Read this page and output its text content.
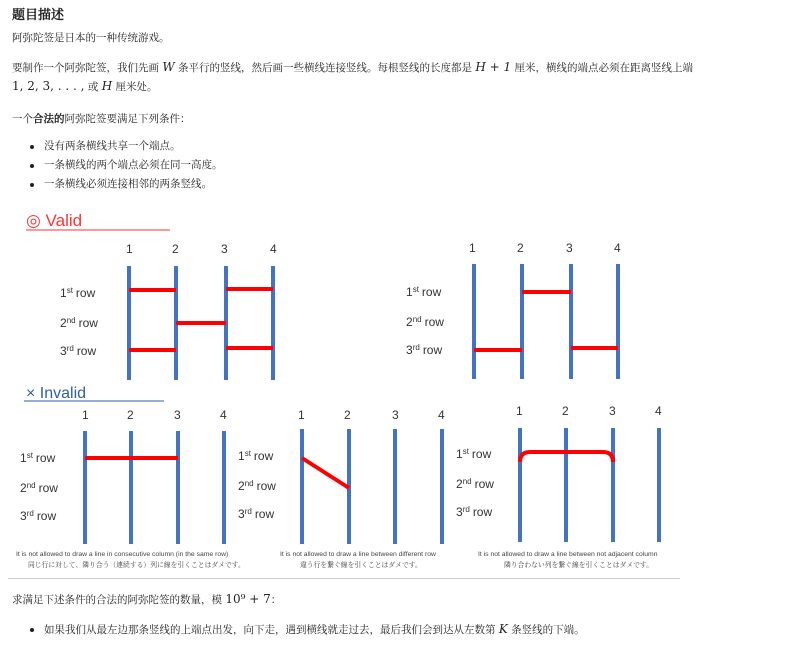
题目描述
阿弥陀签是日本的一种传统游戏。
要制作一个阿弥陀签，我们先画 W 条平行的竖线，然后画一些横线连接竖线。每根竖线的长度都是 H + 1 厘米，横线的端点必须在距离竖线上端
1, 2, 3, . . . , 或 H 厘米处。
一个合法的阿弥陀签要满足下列条件：
没有两条横线共享一个端点。
一条横线的两个端点必须在同一高度。
一条横线必须连接相邻的两条竖线。
◎ Valid
× Invalid
1	2	3	4
1st row
2nd row
3rd row
1	2	3	4
1st row
2nd row
3rd row
1	2	3	4
1st row
2nd row
3rd row
1	2	3	4
1st row
2nd row
3rd row
1	2	3	4
1st row
2nd row
3rd row
It is not allowed to draw a line in consecutive column (in the same row)
同じ行に対して、隣り合う（連続する）列に線を引くことはダメです。
It is not allowed to draw a line between different row
違う行を繋ぐ線を引くことはダメです。
It is not allowed to draw a line between not adjacent column
隣り合わない列を繋ぐ線を引くことはダメです。
求满足下述条件的合法的阿弥陀签的数量，模 10⁹ + 7：
如果我们从最左边那条竖线的上端点出发，向下走，遇到横线就走过去，最后我们会到达从左数第 K 条竖线的下端。
